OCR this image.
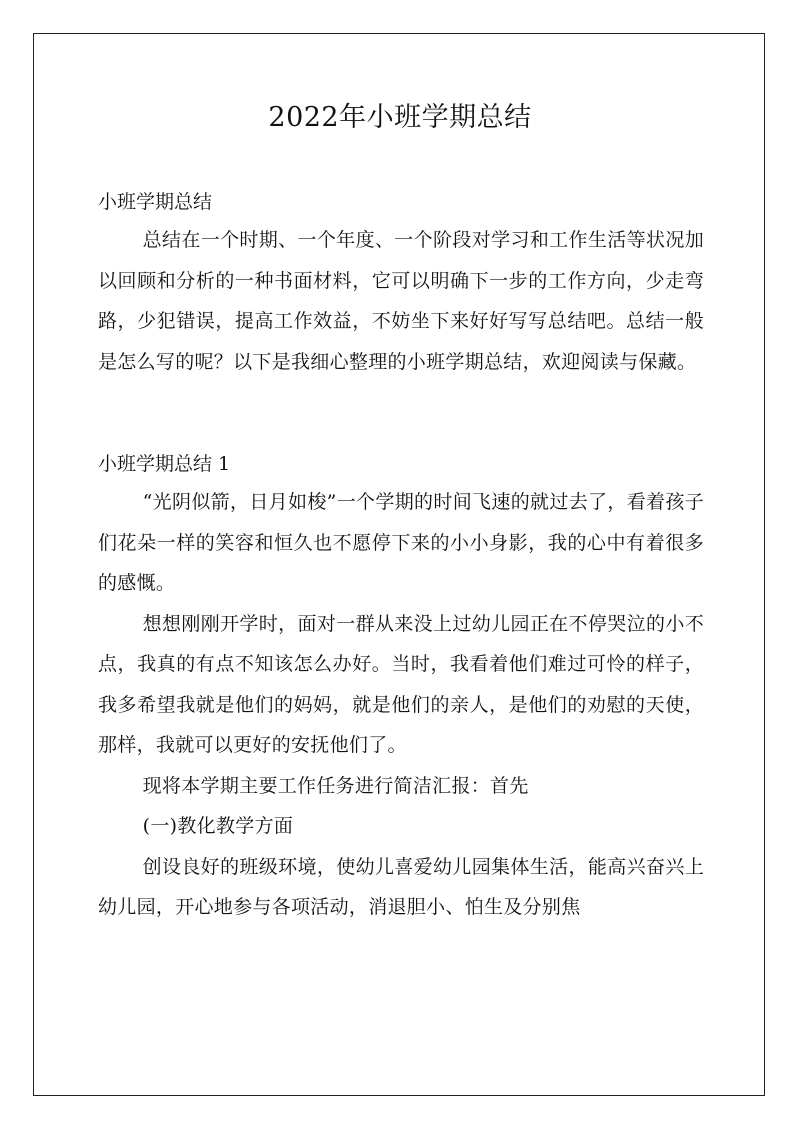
2022年小班学期总结
小班学期总结

总结在一个时期、一个年度、一个阶段对学习和工作生活等状况加以回顾和分析的一种书面材料，它可以明确下一步的工作方向，少走弯路，少犯错误，提高工作效益，不妨坐下来好好写写总结吧。总结一般是怎么写的呢？以下是我细心整理的小班学期总结，欢迎阅读与保藏。

小班学期总结 1

“光阴似箭，日月如梭”一个学期的时间飞速的就过去了，看着孩子们花朵一样的笑容和恒久也不愿停下来的小小身影，我的心中有着很多的感慨。

想想刚刚开学时，面对一群从来没上过幼儿园正在不停哭泣的小不点，我真的有点不知该怎么办好。当时，我看着他们难过可怜的样子，我多希望我就是他们的妈妈，就是他们的亲人，是他们的劝慰的天使，那样，我就可以更好的安抚他们了。

现将本学期主要工作任务进行简洁汇报：首先

(一)教化教学方面

创设良好的班级环境，使幼儿喜爱幼儿园集体生活，能高兴奋兴上幼儿园，开心地参与各项活动，消退胆小、怕生及分别焦
